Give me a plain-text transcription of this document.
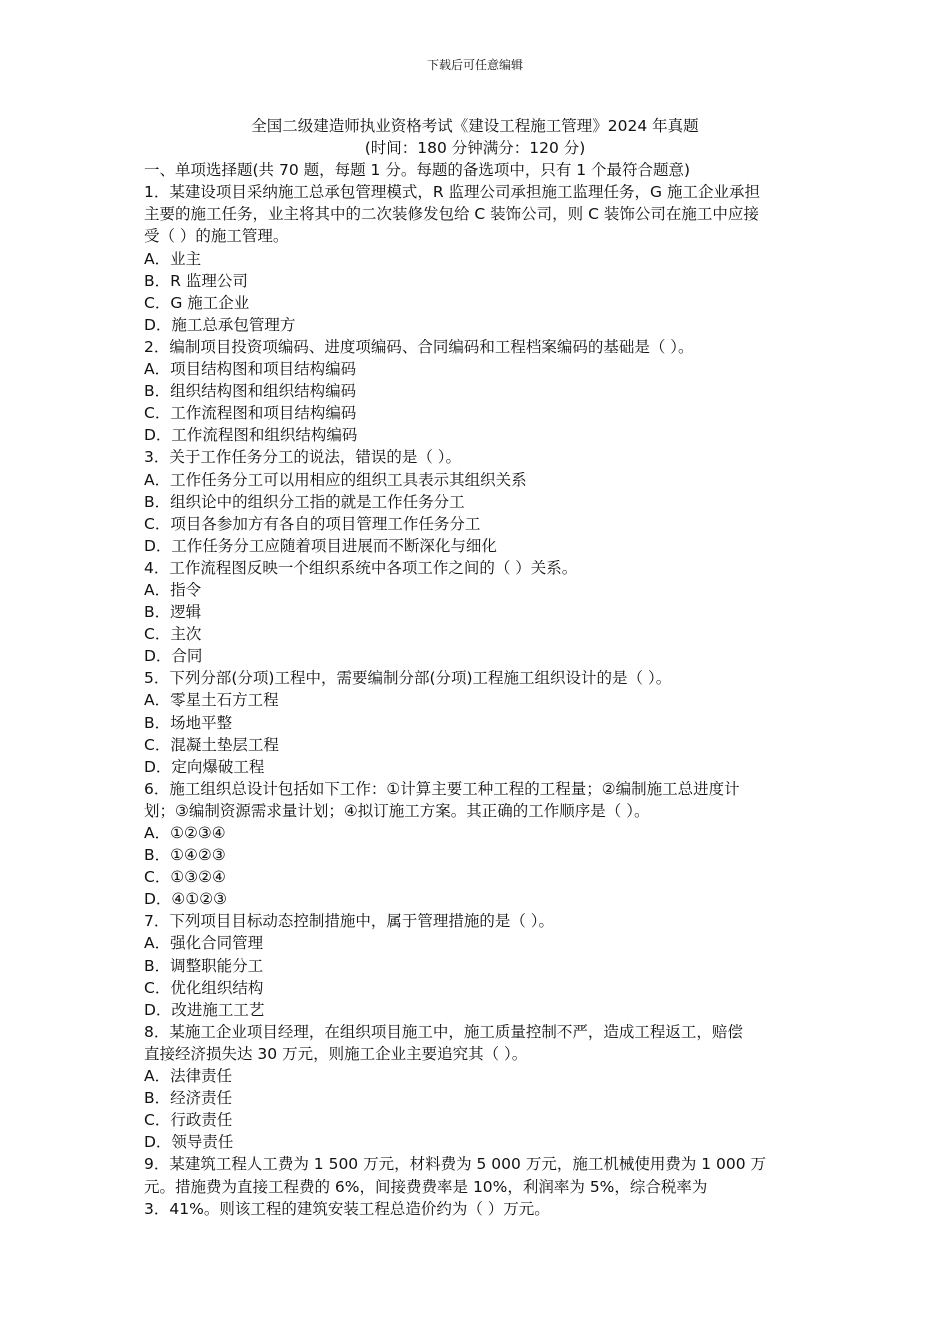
下载后可任意编辑
全国二级建造师执业资格考试《建设工程施工管理》2024 年真题
(时间：180 分钟满分：120 分)
一、单项选择题(共 70 题，每题 1 分。每题的备选项中，只有 1 个最符合题意)
1．某建设项目采纳施工总承包管理模式，R 监理公司承担施工监理任务，G 施工企业承担
主要的施工任务，业主将其中的二次装修发包给 C 装饰公司，则 C 装饰公司在施工中应接
受（ ）的施工管理。
A．业主
B．R 监理公司
C．G 施工企业
D．施工总承包管理方
2．编制项目投资项编码、进度项编码、合同编码和工程档案编码的基础是（ ）。
A．项目结构图和项目结构编码
B．组织结构图和组织结构编码
C．工作流程图和项目结构编码
D．工作流程图和组织结构编码
3．关于工作任务分工的说法，错误的是（ ）。
A．工作任务分工可以用相应的组织工具表示其组织关系
B．组织论中的组织分工指的就是工作任务分工
C．项目各参加方有各自的项目管理工作任务分工
D．工作任务分工应随着项目进展而不断深化与细化
4．工作流程图反映一个组织系统中各项工作之间的（ ）关系。
A．指令
B．逻辑
C．主次
D．合同
5．下列分部(分项)工程中，需要编制分部(分项)工程施工组织设计的是（ ）。
A．零星土石方工程
B．场地平整
C．混凝土垫层工程
D．定向爆破工程
6．施工组织总设计包括如下工作：①计算主要工种工程的工程量；②编制施工总进度计
划；③编制资源需求量计划；④拟订施工方案。其正确的工作顺序是（ ）。
A．①②③④
B．①④②③
C．①③②④
D．④①②③
7．下列项目目标动态控制措施中，属于管理措施的是（ ）。
A．强化合同管理
B．调整职能分工
C．优化组织结构
D．改进施工工艺
8．某施工企业项目经理，在组织项目施工中，施工质量控制不严，造成工程返工，赔偿
直接经济损失达 30 万元，则施工企业主要追究其（ ）。
A．法律责任
B．经济责任
C．行政责任
D．领导责任
9．某建筑工程人工费为 1 500 万元，材料费为 5 000 万元，施工机械使用费为 1 000 万
元。措施费为直接工程费的 6%，间接费费率是 10%，利润率为 5%，综合税率为
3．41%。则该工程的建筑安装工程总造价约为（ ）万元。
